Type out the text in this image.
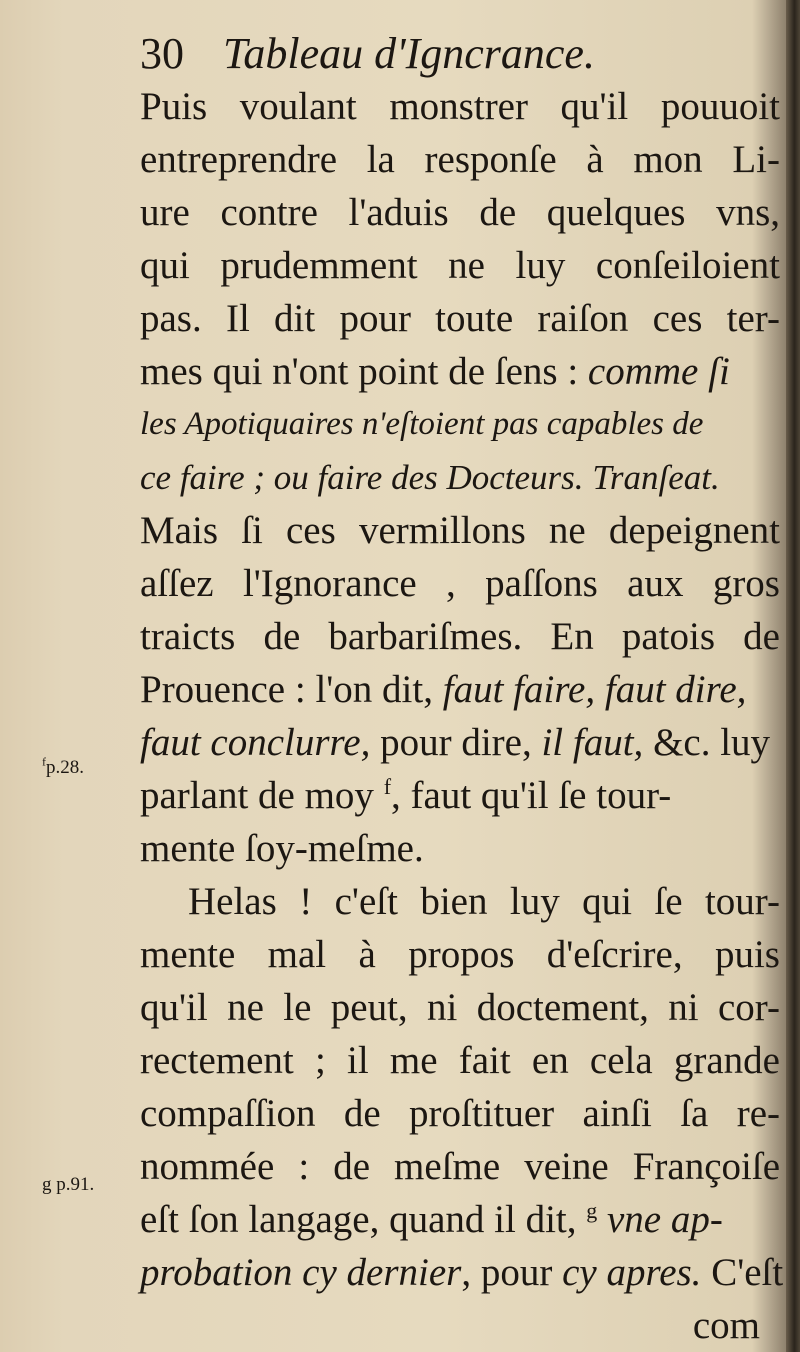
30 Tableau d'Igncrance.
$^f$p.28.
g p.91.
Puis voulant monstrer qu'il pouuoit
entreprendre la responſe à mon Li-
ure contre l'aduis de quelques vns,
qui prudemment ne luy conſeiloient
pas. Il dit pour toute raiſon ces ter-
mes qui n'ont point de ſens : comme ſi
les Apotiquaires n'eſtoient pas capables de
ce faire ; ou faire des Docteurs. Tranſeat.
Mais ſi ces vermillons ne depeignent
aſſez l'Ignorance , paſſons aux gros
traicts de barbariſmes. En patois de
Prouence : l'on dit, faut faire, faut dire,
faut conclurre, pour dire, il faut, &c. luy
parlant de moy $^f$, faut qu'il ſe tour-
mente ſoy-meſme.
Helas ! c'eſt bien luy qui ſe tour-
mente mal à propos d'eſcrire, puis
qu'il ne le peut, ni doctement, ni cor-
rectement ; il me fait en cela grande
compaſſion de proſtituer ainſi ſa re-
nommée : de meſme veine Françoiſe
eſt ſon langage, quand il dit, $^g$ vne ap-
probation cy dernier, pour cy apres. C'eſt
com
